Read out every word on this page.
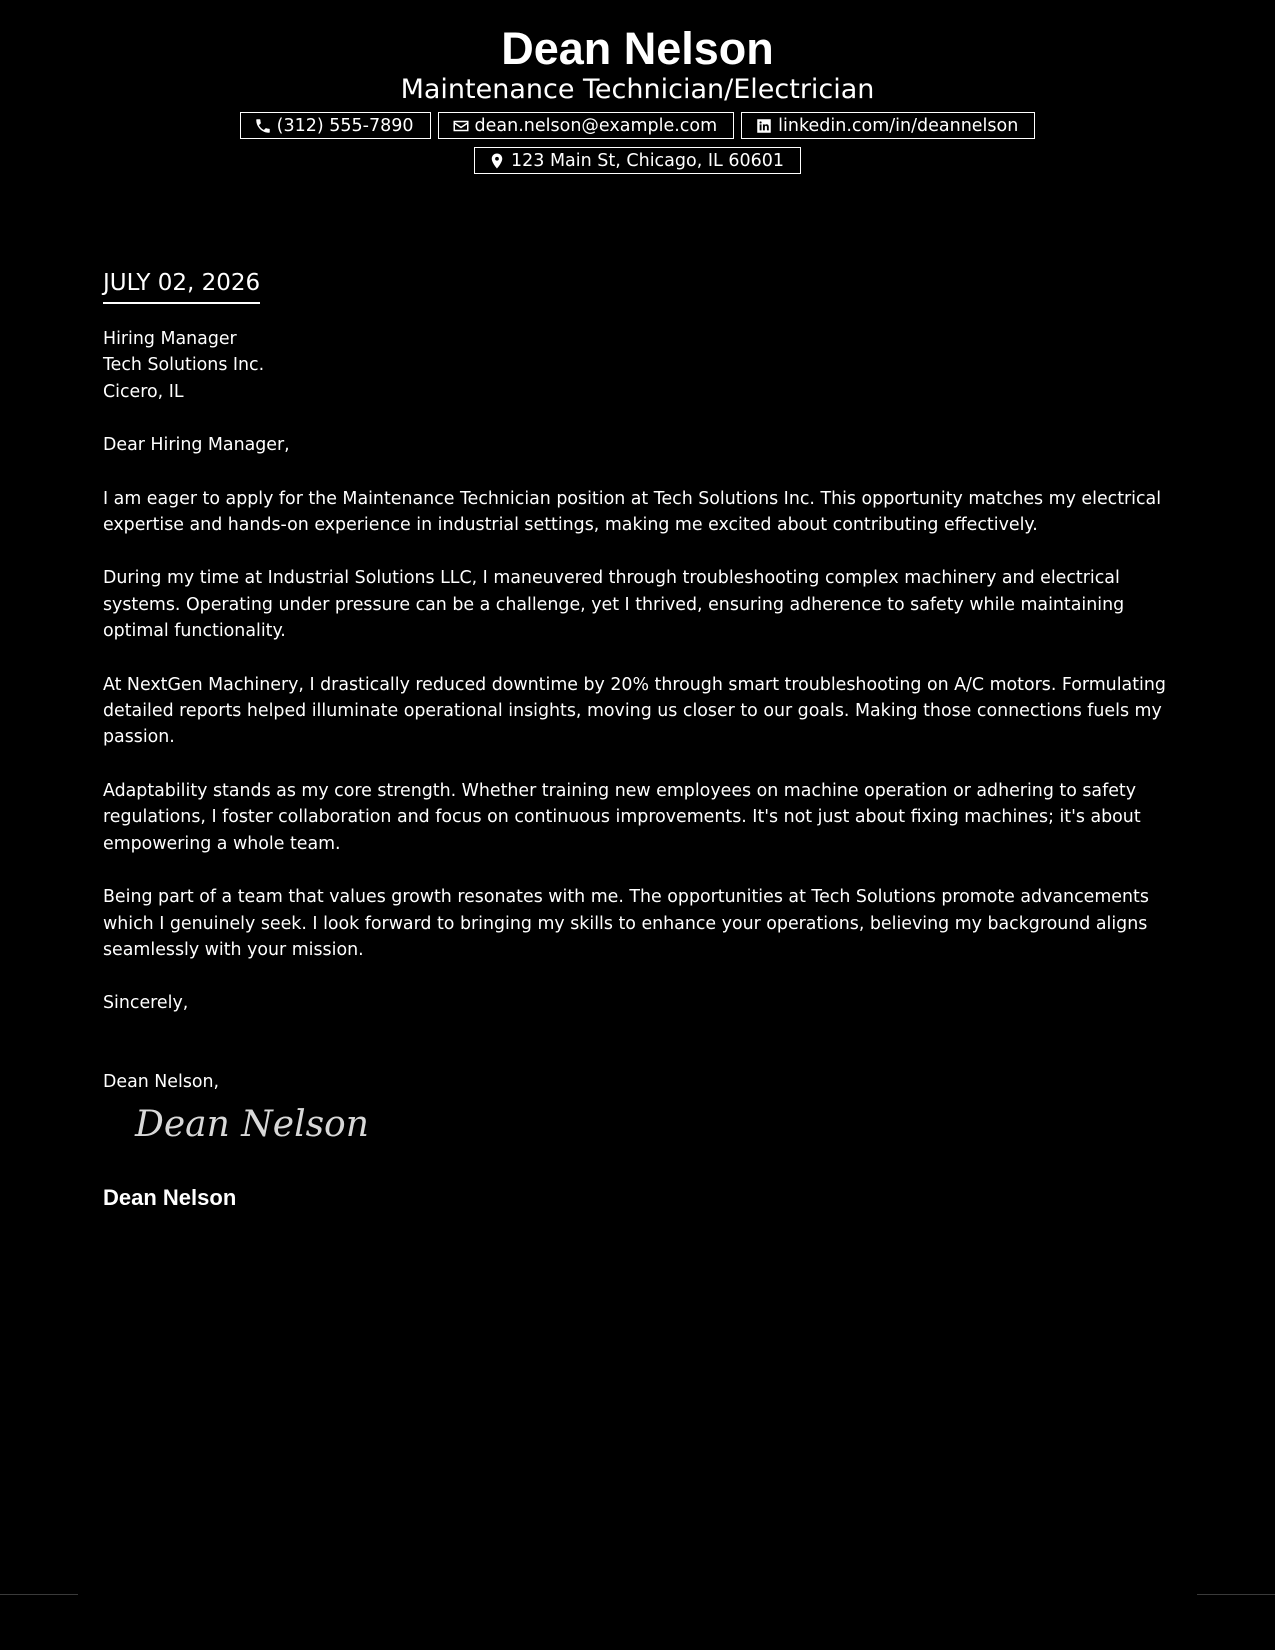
Dean Nelson
Maintenance Technician/Electrician
(312) 555-7890	dean.nelson@example.com	linkedin.com/in/deannelson
123 Main St, Chicago, IL 60601
JULY 02, 2026
Hiring Manager
Tech Solutions Inc.
Cicero, IL
Dear Hiring Manager,
I am eager to apply for the Maintenance Technician position at Tech Solutions Inc. This opportunity matches my electrical expertise and hands-on experience in industrial settings, making me excited about contributing effectively.
During my time at Industrial Solutions LLC, I maneuvered through troubleshooting complex machinery and electrical systems. Operating under pressure can be a challenge, yet I thrived, ensuring adherence to safety while maintaining optimal functionality.
At NextGen Machinery, I drastically reduced downtime by 20% through smart troubleshooting on A/C motors. Formulating detailed reports helped illuminate operational insights, moving us closer to our goals. Making those connections fuels my passion.
Adaptability stands as my core strength. Whether training new employees on machine operation or adhering to safety regulations, I foster collaboration and focus on continuous improvements. It's not just about fixing machines; it's about empowering a whole team.
Being part of a team that values growth resonates with me. The opportunities at Tech Solutions promote advancements which I genuinely seek. I look forward to bringing my skills to enhance your operations, believing my background aligns seamlessly with your mission.
Sincerely,
Dean Nelson,
Dean Nelson
Dean Nelson
